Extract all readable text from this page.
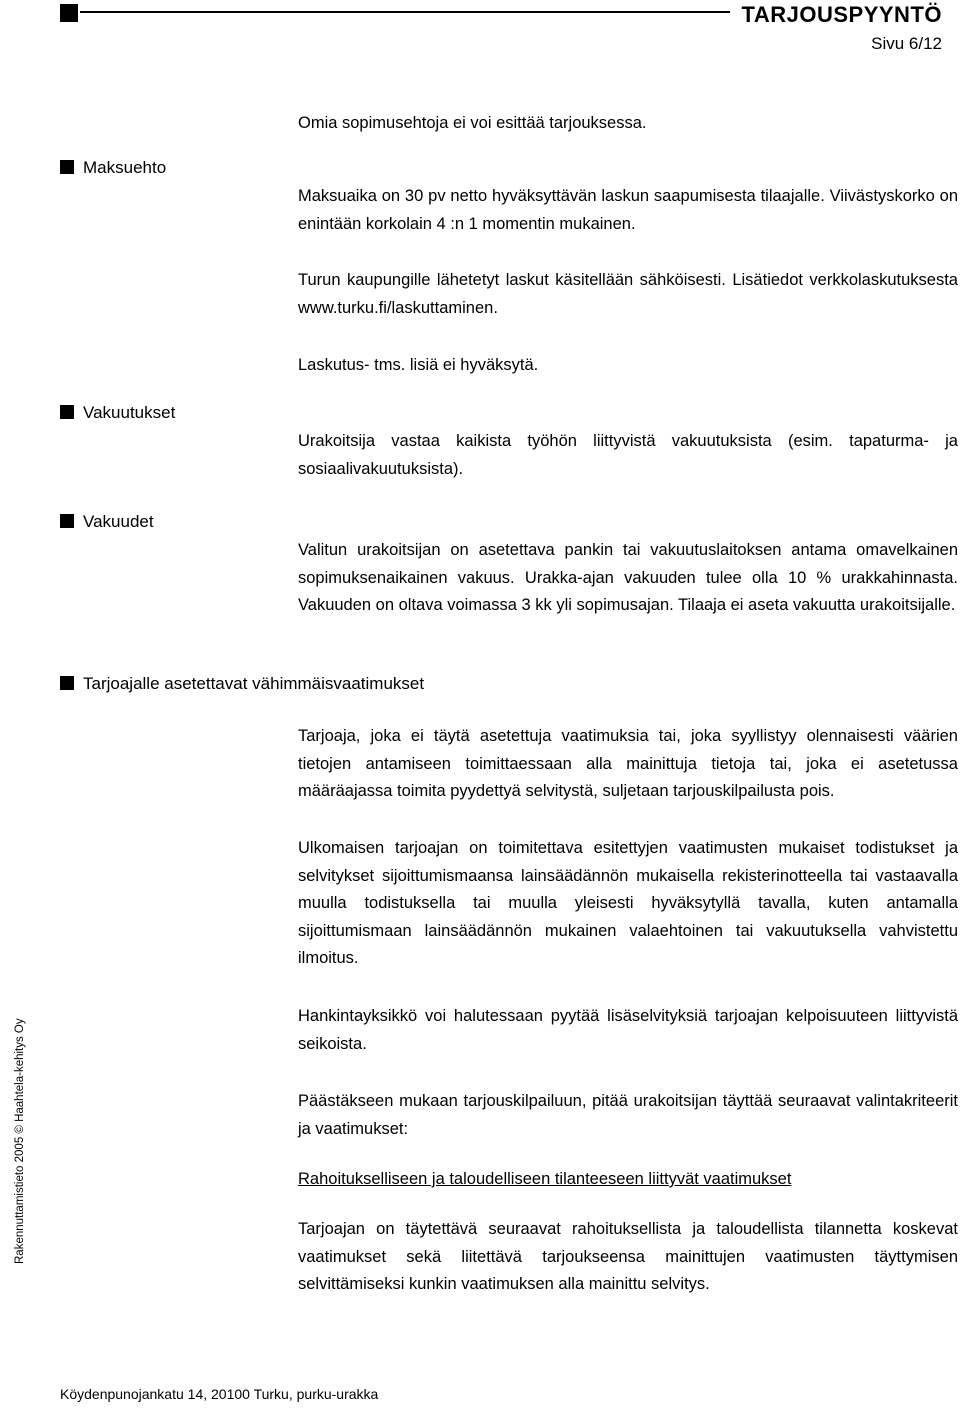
TARJOUSPYYNTÖ
Sivu 6/12
Omia sopimusehtoja ei voi esittää tarjouksessa.
Maksuehto
Maksuaika on 30 pv netto hyväksyttävän laskun saapumisesta tilaajalle. Viivästyskorko on enintään korkolain 4 :n 1 momentin mukainen.
Turun kaupungille lähetetyt laskut käsitellään sähköisesti. Lisätiedot verkkolaskutuksesta www.turku.fi/laskuttaminen.
Laskutus- tms. lisiä ei hyväksytä.
Vakuutukset
Urakoitsija vastaa kaikista työhön liittyvistä vakuutuksista (esim. tapaturma- ja sosiaalivakuutuksista).
Vakuudet
Valitun urakoitsijan on asetettava pankin tai vakuutuslaitoksen antama omavelkainen sopimuksenaikainen vakuus. Urakka-ajan vakuuden tulee olla 10 % urakkahinnasta. Vakuuden on oltava voimassa 3 kk yli sopimusajan. Tilaaja ei aseta vakuutta urakoitsijalle.
Tarjoajalle asetettavat vähimmäisvaatimukset
Tarjoaja, joka ei täytä asetettuja vaatimuksia tai, joka syyllistyy olennaisesti väärien tietojen antamiseen toimittaessaan alla mainittuja tietoja tai, joka ei asetetussa määräajassa toimita pyydettyä selvitystä, suljetaan tarjouskilpailusta pois.
Ulkomaisen tarjoajan on toimitettava esitettyjen vaatimusten mukaiset todistukset ja selvitykset sijoittumismaansa lainsäädännön mukaisella rekisterinotteella tai vastaavalla muulla todistuksella tai muulla yleisesti hyväksytyllä tavalla, kuten antamalla sijoittumismaan lainsäädännön mukainen valaehtoinen tai vakuutuksella vahvistettu ilmoitus.
Hankintayksikkö voi halutessaan pyytää lisäselvityksiä tarjoajan kelpoisuuteen liittyvistä seikoista.
Päästäkseen mukaan tarjouskilpailuun, pitää urakoitsijan täyttää seuraavat valintakriteerit ja vaatimukset:
Rahoitukselliseen ja taloudelliseen tilanteeseen liittyvät vaatimukset
Tarjoajan on täytettävä seuraavat rahoituksellista ja taloudellista tilannetta koskevat vaatimukset sekä liitettävä tarjoukseensa mainittujen vaatimusten täyttymisen selvittämiseksi kunkin vaatimuksen alla mainittu selvitys.
Rakennuttamistieto 2005 © Haahtela-kehitys Oy
Köydenpunojankatu 14, 20100 Turku, purku-urakka
